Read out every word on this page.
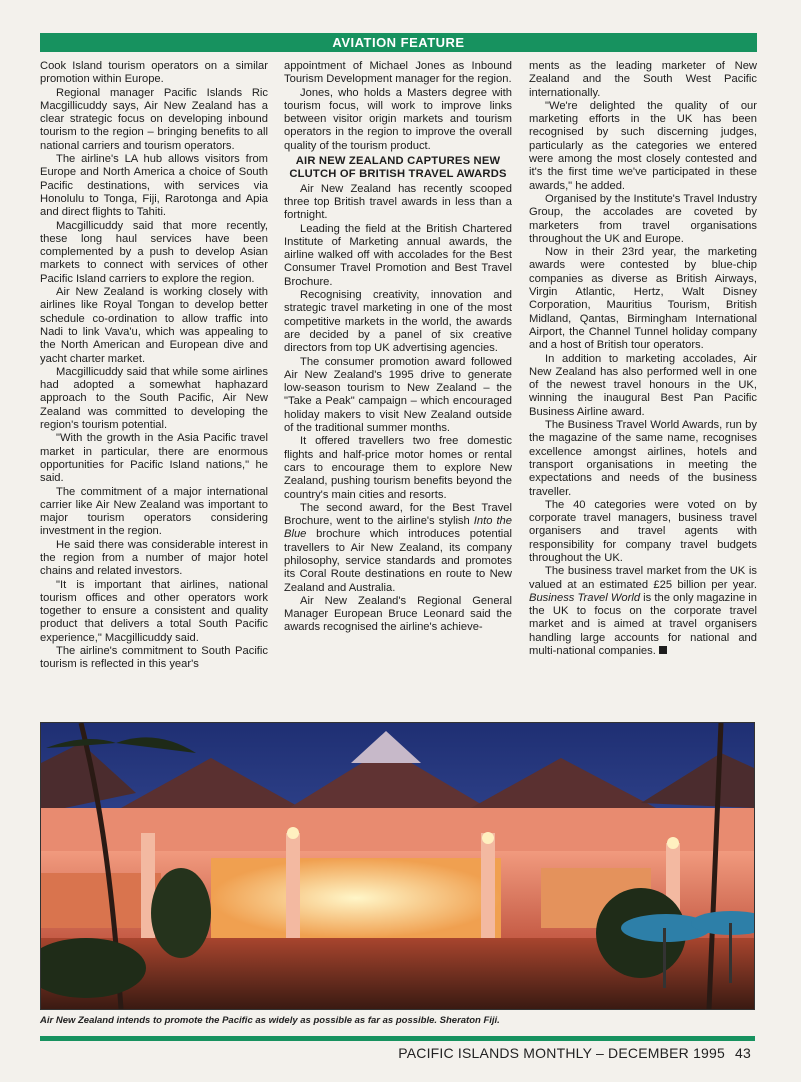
AVIATION FEATURE

Cook Island tourism operators on a similar promotion within Europe.

Regional manager Pacific Islands Ric Macgillicuddy says, Air New Zealand has a clear strategic focus on developing inbound tourism to the region – bringing benefits to all national carriers and tourism operators.

The airline's LA hub allows visitors from Europe and North America a choice of South Pacific destinations, with services via Honolulu to Tonga, Fiji, Rarotonga and Apia and direct flights to Tahiti.

Macgillicuddy said that more recently, these long haul services have been complemented by a push to develop Asian markets to connect with services of other Pacific Island carriers to explore the region.

Air New Zealand is working closely with airlines like Royal Tongan to develop better schedule co-ordination to allow traffic into Nadi to link Vava'u, which was appealing to the North American and European dive and yacht charter market.

Macgillicuddy said that while some airlines had adopted a somewhat haphazard approach to the South Pacific, Air New Zealand was committed to developing the region's tourism potential.

"With the growth in the Asia Pacific travel market in particular, there are enormous opportunities for Pacific Island nations," he said.

The commitment of a major international carrier like Air New Zealand was important to major tourism operators considering investment in the region.

He said there was considerable interest in the region from a number of major hotel chains and related investors.

"It is important that airlines, national tourism offices and other operators work together to ensure a consistent and quality product that delivers a total South Pacific experience," Macgillicuddy said.

The airline's commitment to South Pacific tourism is reflected in this year's

appointment of Michael Jones as Inbound Tourism Development manager for the region.

Jones, who holds a Masters degree with tourism focus, will work to improve links between visitor origin markets and tourism operators in the region to improve the overall quality of the tourism product.

AIR NEW ZEALAND CAPTURES NEW CLUTCH OF BRITISH TRAVEL AWARDS

Air New Zealand has recently scooped three top British travel awards in less than a fortnight.

Leading the field at the British Chartered Institute of Marketing annual awards, the airline walked off with accolades for the Best Consumer Travel Promotion and Best Travel Brochure.

Recognising creativity, innovation and strategic travel marketing in one of the most competitive markets in the world, the awards are decided by a panel of six creative directors from top UK advertising agencies.

The consumer promotion award followed Air New Zealand's 1995 drive to generate low-season tourism to New Zealand – the "Take a Peak" campaign – which encouraged holiday makers to visit New Zealand outside of the traditional summer months.

It offered travellers two free domestic flights and half-price motor homes or rental cars to encourage them to explore New Zealand, pushing tourism benefits beyond the country's main cities and resorts.

The second award, for the Best Travel Brochure, went to the airline's stylish Into the Blue brochure which introduces potential travellers to Air New Zealand, its company philosophy, service standards and promotes its Coral Route destinations en route to New Zealand and Australia.

Air New Zealand's Regional General Manager European Bruce Leonard said the awards recognised the airline's achieve-

ments as the leading marketer of New Zealand and the South West Pacific internationally.

"We're delighted the quality of our marketing efforts in the UK has been recognised by such discerning judges, particularly as the categories we entered were among the most closely contested and it's the first time we've participated in these awards," he added.

Organised by the Institute's Travel Industry Group, the accolades are coveted by marketers from travel organisations throughout the UK and Europe.

Now in their 23rd year, the marketing awards were contested by blue-chip companies as diverse as British Airways, Virgin Atlantic, Hertz, Walt Disney Corporation, Mauritius Tourism, British Midland, Qantas, Birmingham International Airport, the Channel Tunnel holiday company and a host of British tour operators.

In addition to marketing accolades, Air New Zealand has also performed well in one of the newest travel honours in the UK, winning the inaugural Best Pan Pacific Business Airline award.

The Business Travel World Awards, run by the magazine of the same name, recognises excellence amongst airlines, hotels and transport organisations in meeting the expectations and needs of the business traveller.

The 40 categories were voted on by corporate travel managers, business travel organisers and travel agents with responsibility for company travel budgets throughout the UK.

The business travel market from the UK is valued at an estimated £25 billion per year. Business Travel World is the only magazine in the UK to focus on the corporate travel market and is aimed at travel organisers handling large accounts for national and multi-national companies.

Air New Zealand intends to promote the Pacific as widely as possible as far as possible. Sheraton Fiji.
PACIFIC ISLANDS MONTHLY – DECEMBER 1995 43
